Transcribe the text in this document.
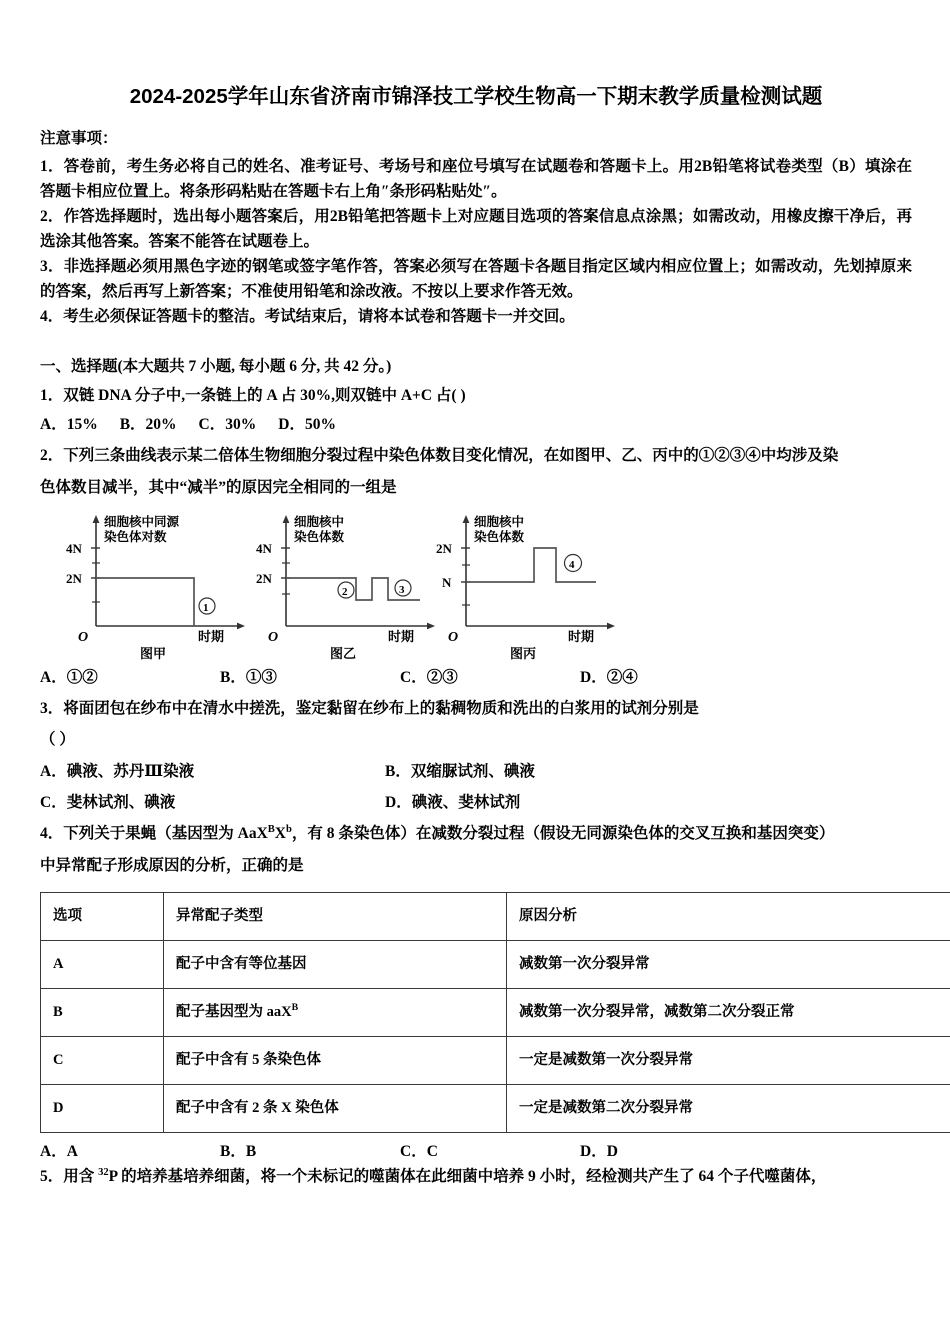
2024-2025学年山东省济南市锦泽技工学校生物高一下期末教学质量检测试题
注意事项：

1．答卷前，考生务必将自己的姓名、准考证号、考场号和座位号填写在试题卷和答题卡上。用2B铅笔将试卷类型（B）填涂在答题卡相应位置上。将条形码粘贴在答题卡右上角″条形码粘贴处″。

2．作答选择题时，选出每小题答案后，用2B铅笔把答题卡上对应题目选项的答案信息点涂黑；如需改动，用橡皮擦干净后，再选涂其他答案。答案不能答在试题卷上。

3．非选择题必须用黑色字迹的钢笔或签字笔作答，答案必须写在答题卡各题目指定区域内相应位置上；如需改动，先划掉原来的答案，然后再写上新答案；不准使用铅笔和涂改液。不按以上要求作答无效。

4．考生必须保证答题卡的整洁。考试结束后，请将本试卷和答题卡一并交回。

一、选择题(本大题共 7 小题, 每小题 6 分, 共 42 分。)

1．双链 DNA 分子中,一条链上的 A 占 30%,则双链中 A+C 占( )

A．15% B．20% C．30% D．50%

2．下列三条曲线表示某二倍体生物细胞分裂过程中染色体数目变化情况，在如图甲、乙、丙中的①②③④中均涉及染

色体数目减半，其中“减半”的原因完全相同的一组是

细胞核中同源
染色体对数
4N
2N
O
1
时期
图甲
细胞核中
染色体数
4N
2N
O
2	3
时期
图乙
细胞核中
染色体数
2N
N
O
4
时期
图丙
A．①②	B．①③	C．②③	D．②④

3．将面团包在纱布中在清水中搓洗，鉴定黏留在纱布上的黏稠物质和洗出的白浆用的试剂分别是

（ ）

A．碘液、苏丹Ⅲ染液	B．双缩脲试剂、碘液
C．斐林试剂、碘液	D．碘液、斐林试剂

4．下列关于果蝇（基因型为 $AaX^BX^b$，有 8 条染色体）在减数分裂过程（假设无同源染色体的交叉互换和基因突变）

中异常配子形成原因的分析，正确的是

选项	异常配子类型	原因分析
A	配子中含有等位基因	减数第一次分裂异常
B	配子基因型为 aaX$^B$	减数第一次分裂异常，减数第二次分裂正常
C	配子中含有 5 条染色体	一定是减数第一次分裂异常
D	配子中含有 2 条 X 染色体	一定是减数第二次分裂异常
A．A	B．B	C．C	D．D

5．用含 $^{32}$P 的培养基培养细菌，将一个未标记的噬菌体在此细菌中培养 9 小时，经检测共产生了 64 个子代噬菌体，
